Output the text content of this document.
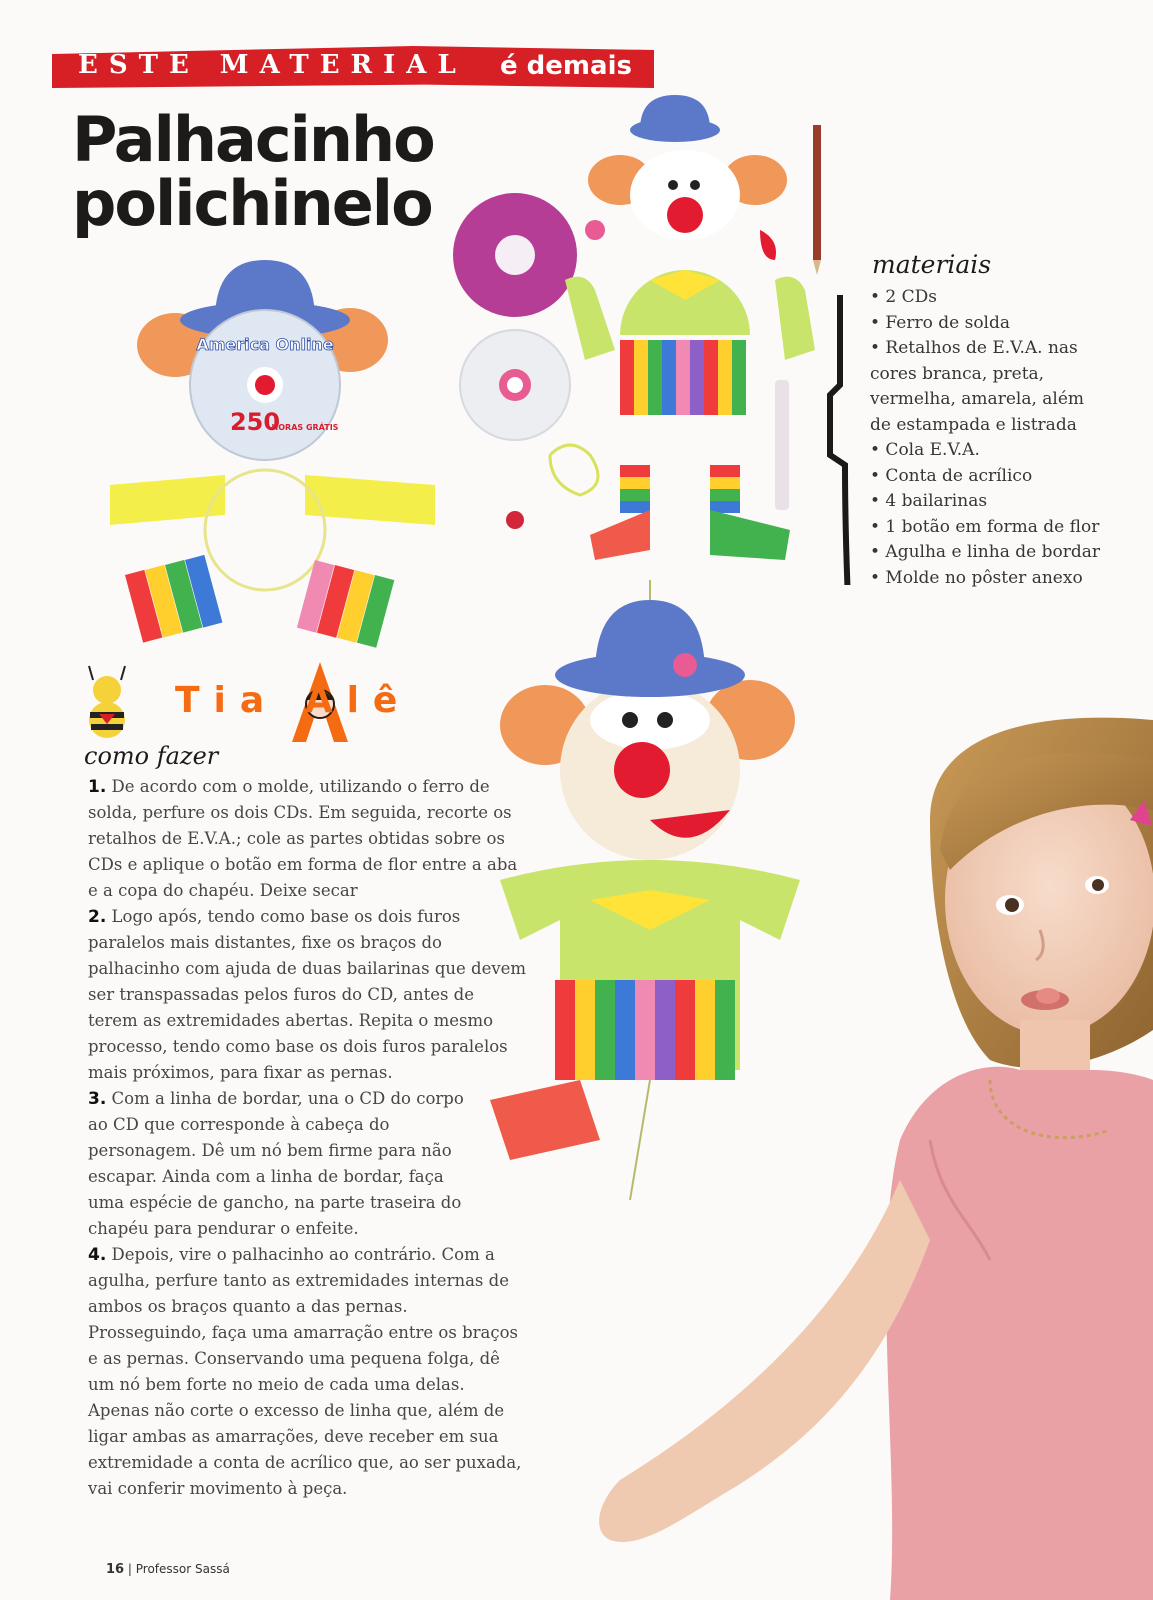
ESTE MATERIAL é demais
Palhacinho
polichinelo
America Online
250
HORAS GRÁTIS
materiais
• 2 CDs
• Ferro de solda
• Retalhos de E.V.A. nas
cores branca, preta,
vermelha, amarela, além
de estampada e listrada
• Cola E.V.A.
• Conta de acrílico
• 4 bailarinas
• 1 botão em forma de flor
• Agulha e linha de bordar
• Molde no pôster anexo
Tia Alê
como fazer

1. De acordo com o molde, utilizando o ferro de solda, perfure os dois CDs. Em seguida, recorte os retalhos de E.V.A.; cole as partes obtidas sobre os CDs e aplique o botão em forma de flor entre a aba e a copa do chapéu. Deixe secar

2. Logo após, tendo como base os dois furos paralelos mais distantes, fixe os braços do palhacinho com ajuda de duas bailarinas que devem ser transpassadas pelos furos do CD, antes de terem as extremidades abertas. Repita o mesmo processo, tendo como base os dois furos paralelos mais próximos, para fixar as pernas.

3. Com a linha de bordar, una o CD do corpo ao CD que corresponde à cabeça do personagem. Dê um nó bem firme para não escapar. Ainda com a linha de bordar, faça uma espécie de gancho, na parte traseira do chapéu para pendurar o enfeite.

4. Depois, vire o palhacinho ao contrário. Com a agulha, perfure tanto as extremidades internas de ambos os braços quanto a das pernas. Prosseguindo, faça uma amarração entre os braços e as pernas. Conservando uma pequena folga, dê um nó bem forte no meio de cada uma delas. Apenas não corte o excesso de linha que, além de ligar ambas as amarrações, deve receber em sua extremidade a conta de acrílico que, ao ser puxada, vai conferir movimento à peça.

16 | Professor Sassá
